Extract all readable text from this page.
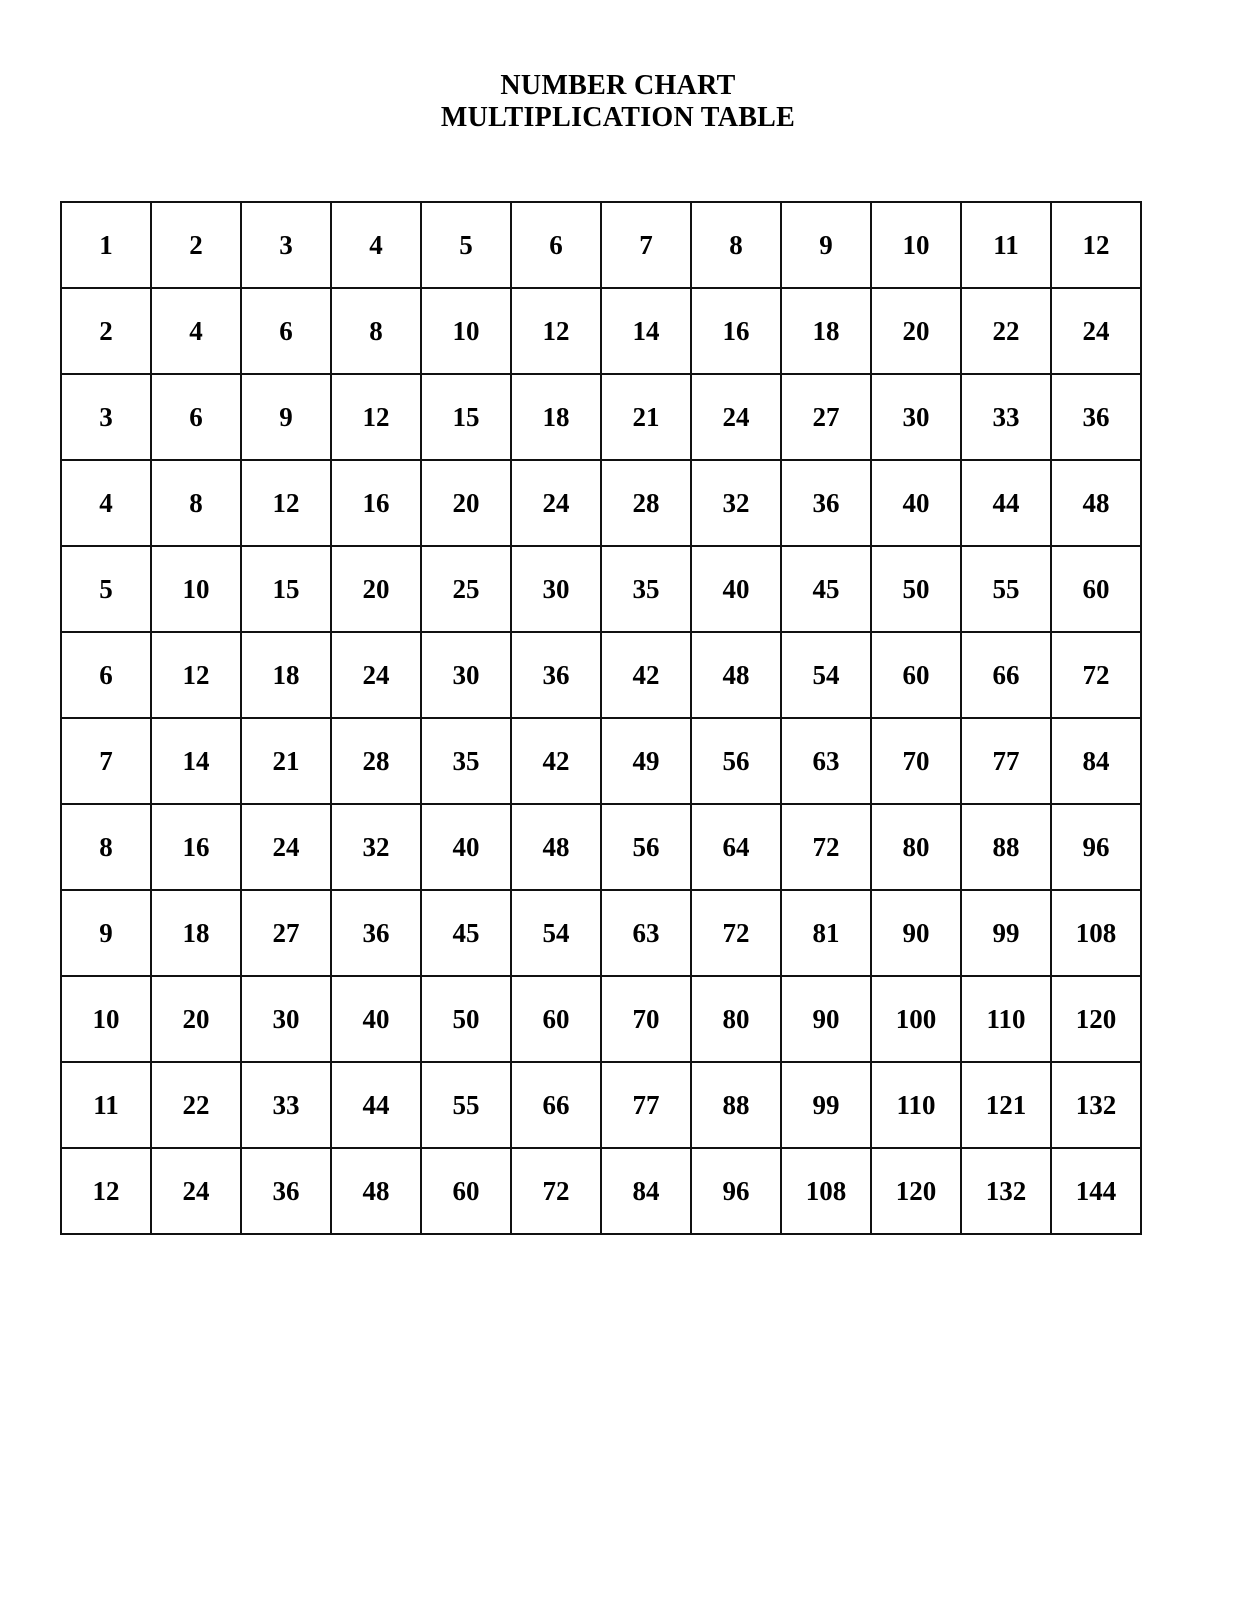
NUMBER CHART
MULTIPLICATION TABLE
1	2	3	4	5	6	7	8	9	10	11	12
2	4	6	8	10	12	14	16	18	20	22	24
3	6	9	12	15	18	21	24	27	30	33	36
4	8	12	16	20	24	28	32	36	40	44	48
5	10	15	20	25	30	35	40	45	50	55	60
6	12	18	24	30	36	42	48	54	60	66	72
7	14	21	28	35	42	49	56	63	70	77	84
8	16	24	32	40	48	56	64	72	80	88	96
9	18	27	36	45	54	63	72	81	90	99	108
10	20	30	40	50	60	70	80	90	100	110	120
11	22	33	44	55	66	77	88	99	110	121	132
12	24	36	48	60	72	84	96	108	120	132	144
